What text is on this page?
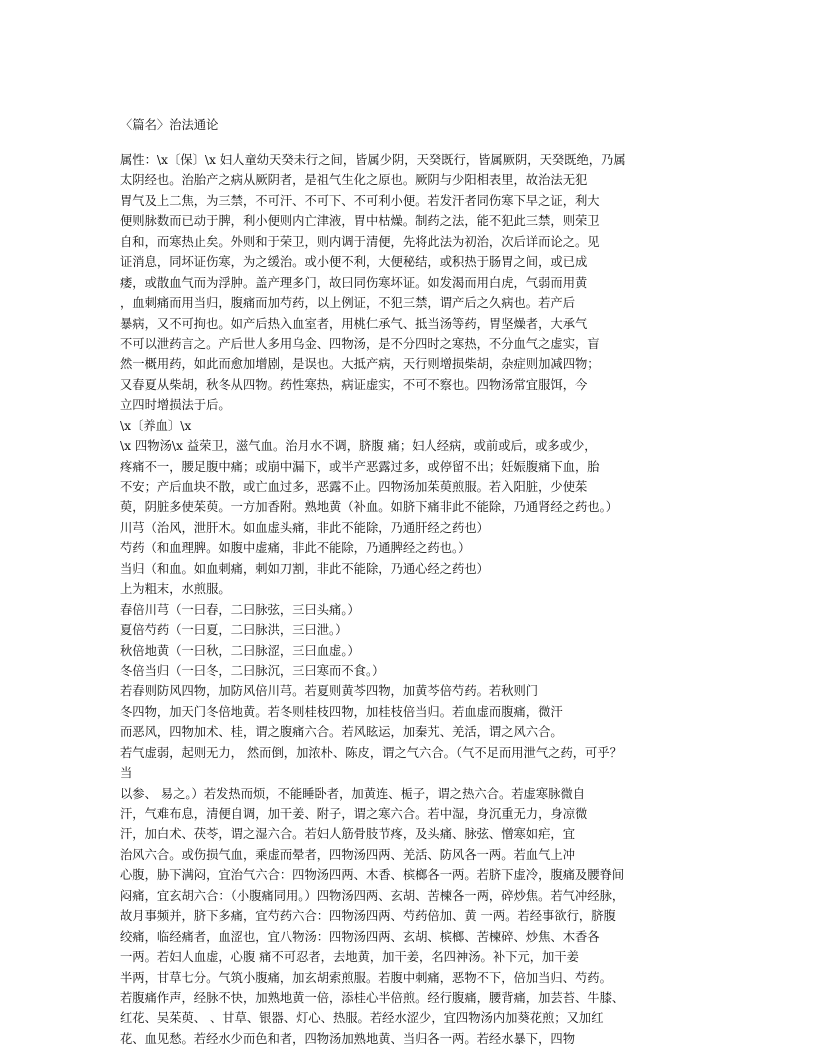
〈篇名〉治法通论
属性：\x〔保〕\x 妇人童幼天癸未行之间，皆属少阴，天癸既行，皆属厥阴，天癸既绝，乃属
太阴经也。治胎产之病从厥阴者，是祖气生化之原也。厥阴与少阳相表里，故治法无犯
胃气及上二焦，为三禁，不可汗、不可下、不可利小便。若发汗者同伤寒下早之证，利大
便则脉数而已动于脾，利小便则内亡津液，胃中枯燥。制药之法，能不犯此三禁，则荣卫
自和，而寒热止矣。外则和于荣卫，则内调于清便，先将此法为初治，次后详而论之。见
证消息，同坏证伤寒，为之缓治。或小便不利，大便秘结，或积热于肠胃之间，或已成
痿，或散血气而为浮肿。盖产理多门，故曰同伤寒坏证。如发渴而用白虎，气弱而用黄
，血刺痛而用当归，腹痛而加芍药，以上例证，不犯三禁，谓产后之久病也。若产后
暴病，又不可拘也。如产后热入血室者，用桃仁承气、抵当汤等药，胃坚燥者，大承气
不可以泄药言之。产后世人多用乌金、四物汤，是不分四时之寒热，不分血气之虚实，盲
然一概用药，如此而愈加增剧，是误也。大抵产病，天行则增损柴胡，杂症则加减四物；
又春夏从柴胡，秋冬从四物。药性寒热，病证虚实，不可不察也。四物汤常宜服饵，今
立四时增损法于后。
\x〔养血〕\x
\x 四物汤\x 益荣卫，滋气血。治月水不调，脐腹 痛；妇人经病，或前或后，或多或少，
疼痛不一，腰足腹中痛；或崩中漏下，或半产恶露过多，或停留不出；妊娠腹痛下血，胎
不安；产后血块不散，或亡血过多，恶露不止。四物汤加茱萸煎服。若入阳脏，少使茱
萸，阴脏多使茱萸。一方加香附。熟地黄（补血。如脐下痛非此不能除，乃通肾经之药也。）
川芎（治风，泄肝木。如血虚头痛，非此不能除，乃通肝经之药也）
芍药（和血理脾。如腹中虚痛，非此不能除，乃通脾经之药也。）
当归（和血。如血刺痛，刺如刀割，非此不能除，乃通心经之药也）
上为粗末，水煎服。
春倍川芎（一曰春，二曰脉弦，三曰头痛。）
夏倍芍药（一曰夏，二曰脉洪，三曰泄。）
秋倍地黄（一曰秋，二曰脉涩，三曰血虚。）
冬倍当归（一曰冬，二曰脉沉，三曰寒而不食。）
若春则防风四物，加防风倍川芎。若夏则黄芩四物，加黄芩倍芍药。若秋则门
冬四物，加天门冬倍地黄。若冬则桂枝四物，加桂枝倍当归。若血虚而腹痛，微汗
而恶风，四物加术、桂，谓之腹痛六合。若风眩运，加秦艽、羌活，谓之风六合。
若气虚弱，起则无力， 然而倒，加浓朴、陈皮，谓之气六合。（气不足而用泄气之药，可乎？
当
以参、 易之。）若发热而烦，不能睡卧者，加黄连、栀子，谓之热六合。若虚寒脉微自
汗，气难布息，清便自调，加干姜、附子，谓之寒六合。若中湿，身沉重无力，身凉微
汗，加白术、茯苓，谓之湿六合。若妇人筋骨肢节疼，及头痛、脉弦、憎寒如疟，宜
治风六合。或伤损气血，乘虚而晕者，四物汤四两、羌活、防风各一两。若血气上冲
心腹，胁下满闷，宜治气六合：四物汤四两、木香、槟榔各一两。若脐下虚冷，腹痛及腰脊间
闷痛，宜玄胡六合：（小腹痛同用。）四物汤四两、玄胡、苦楝各一两，碎炒焦。若气冲经脉，
故月事频并，脐下多痛，宜芍药六合：四物汤四两、芍药倍加、黄 一两。若经事欲行，脐腹
绞痛，临经痛者，血涩也，宜八物汤：四物汤四两、玄胡、槟榔、苦楝碎、炒焦、木香各
一两。若妇人血虚，心腹 痛不可忍者，去地黄，加干姜，名四神汤。补下元，加干姜
半两，甘草七分。气筑小腹痛，加玄胡索煎服。若腹中刺痛，恶物不下，倍加当归、芍药。
若腹痛作声，经脉不快，加熟地黄一倍，添桂心半倍煎。经行腹痛，腰背痛，加芸苔、牛膝、
红花、吴茱萸、 、甘草、银器、灯心、热服。若经水涩少，宜四物汤内加葵花煎；又加红
花、血见愁。若经水少而色和者，四物汤加熟地黄、当归各一两。若经水暴下，四物
